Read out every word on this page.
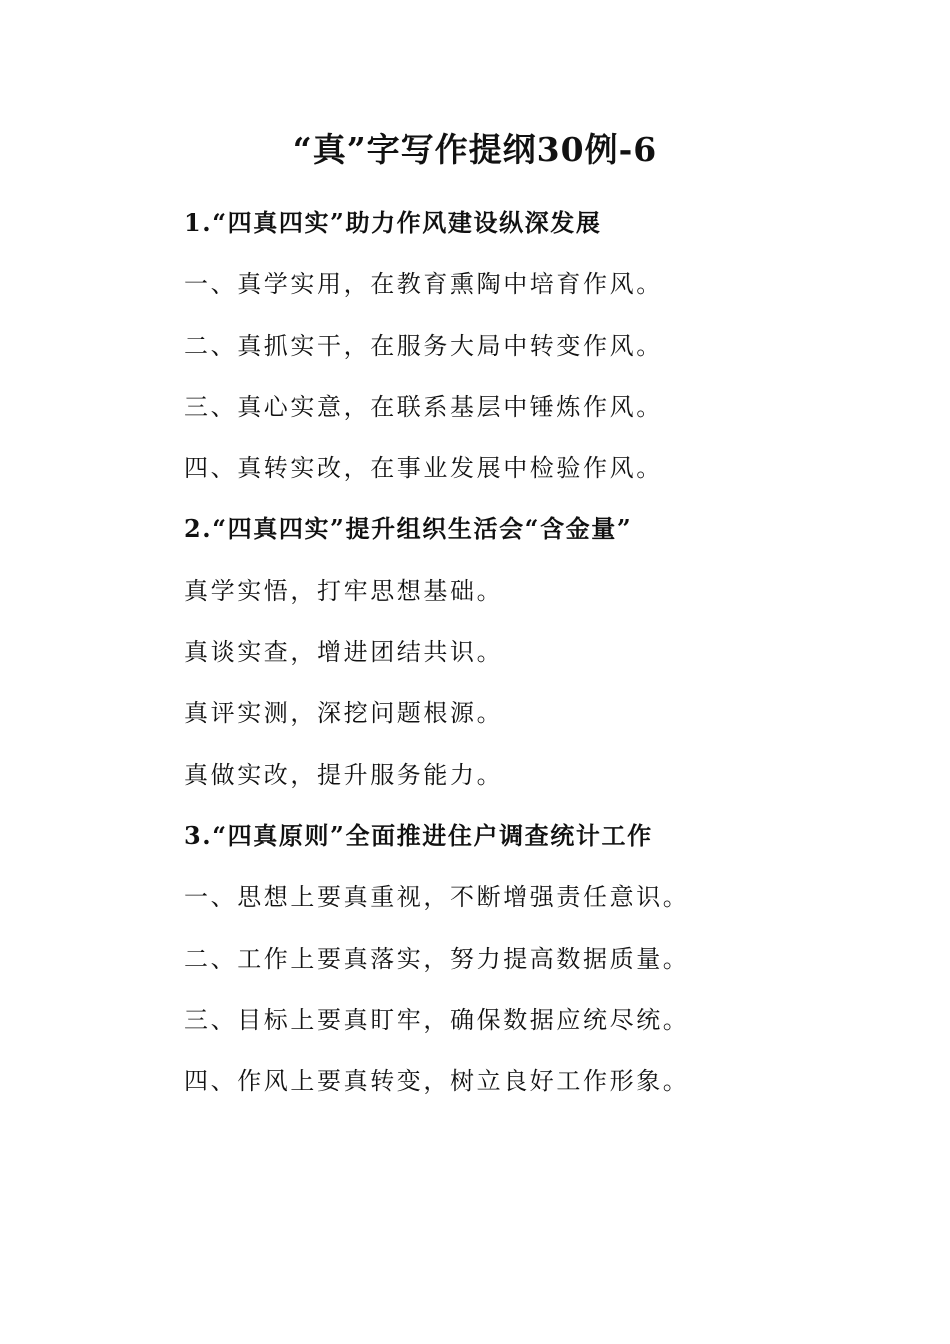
“真”字写作提纲30例-6
1.“四真四实”助力作风建设纵深发展
一、真学实用，在教育熏陶中培育作风。
二、真抓实干，在服务大局中转变作风。
三、真心实意，在联系基层中锤炼作风。
四、真转实改，在事业发展中检验作风。
2.“四真四实”提升组织生活会“含金量”
真学实悟，打牢思想基础。
真谈实查，增进团结共识。
真评实测，深挖问题根源。
真做实改，提升服务能力。
3.“四真原则”全面推进住户调查统计工作
一、思想上要真重视，不断增强责任意识。
二、工作上要真落实，努力提高数据质量。
三、目标上要真盯牢，确保数据应统尽统。
四、作风上要真转变，树立良好工作形象。
